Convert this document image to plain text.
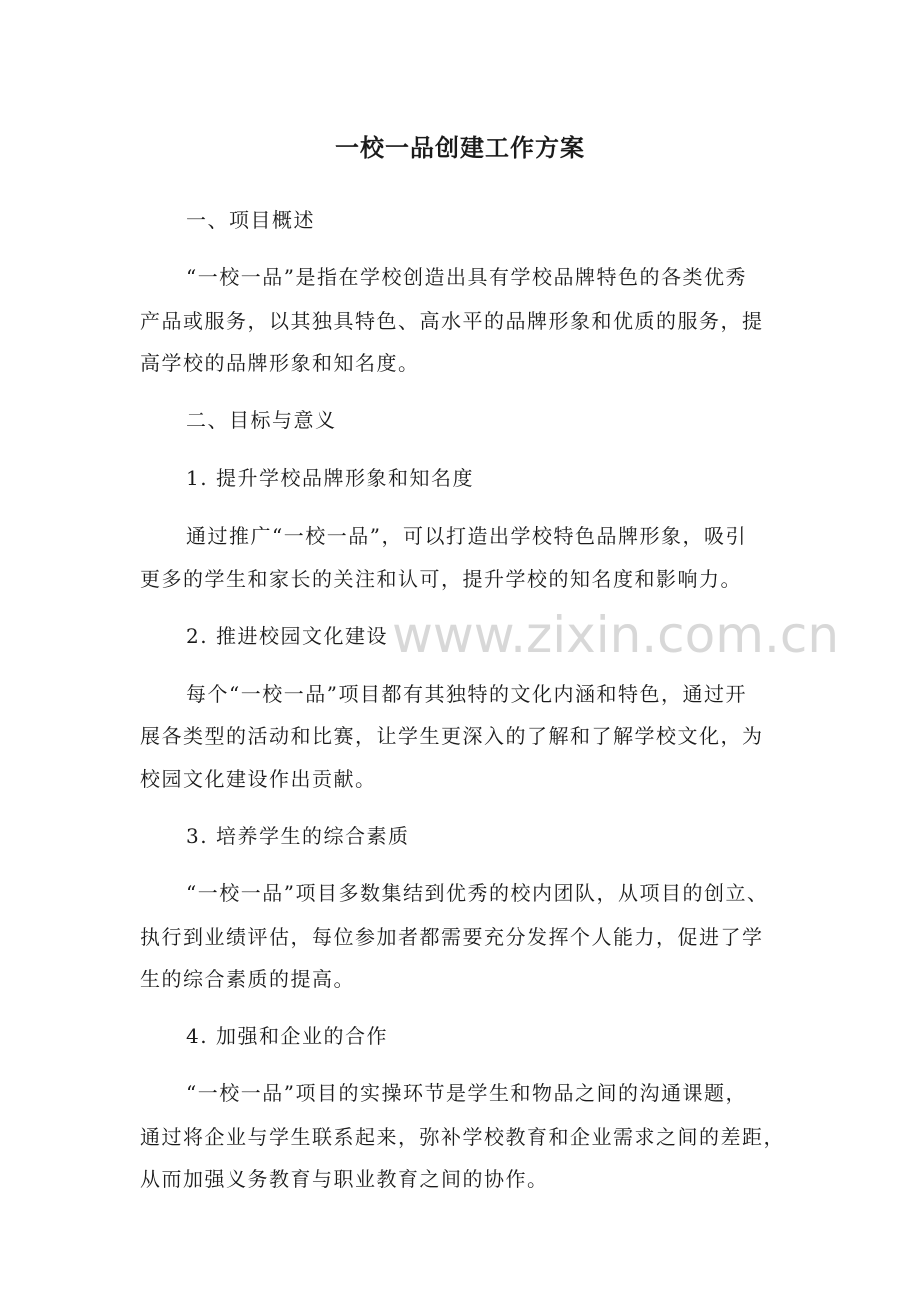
www.zixin.com.cn
一校一品创建工作方案
一、项目概述
“一校一品”是指在学校创造出具有学校品牌特色的各类优秀
产品或服务，以其独具特色、高水平的品牌形象和优质的服务，提
高学校的品牌形象和知名度。
二、目标与意义
1. 提升学校品牌形象和知名度
通过推广“一校一品”，可以打造出学校特色品牌形象，吸引
更多的学生和家长的关注和认可，提升学校的知名度和影响力。
2. 推进校园文化建设
每个“一校一品”项目都有其独特的文化内涵和特色，通过开
展各类型的活动和比赛，让学生更深入的了解和了解学校文化，为
校园文化建设作出贡献。
3. 培养学生的综合素质
“一校一品”项目多数集结到优秀的校内团队，从项目的创立、
执行到业绩评估，每位参加者都需要充分发挥个人能力，促进了学
生的综合素质的提高。
4. 加强和企业的合作
“一校一品”项目的实操环节是学生和物品之间的沟通课题，
通过将企业与学生联系起来，弥补学校教育和企业需求之间的差距，
从而加强义务教育与职业教育之间的协作。
